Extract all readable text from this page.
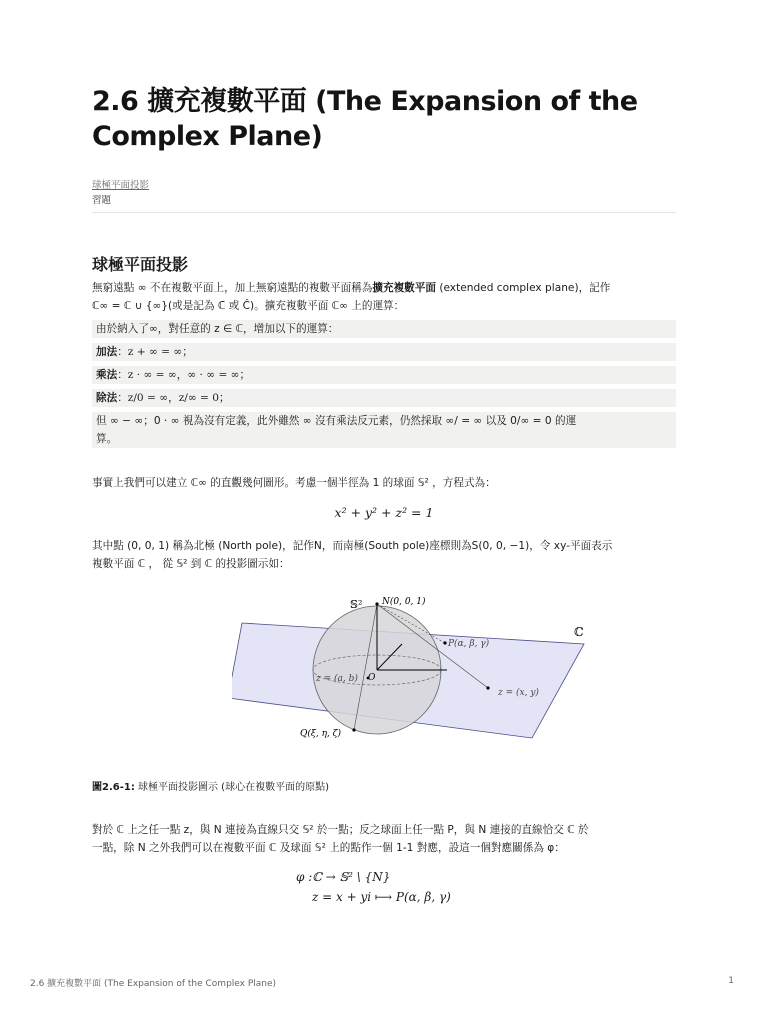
2.6 擴充複數平面 (The Expansion of the Complex Plane)
球極平面投影
習題
球極平面投影
無窮遠點 ∞ 不在複數平面上，加上無窮遠點的複數平面稱為擴充複數平面 (extended complex plane)，記作
ℂ∞ = ℂ ∪ {∞}(或是記為 ℂ̄ 或 Ĉ)。擴充複數平面 ℂ∞ 上的運算：
由於納入了∞，對任意的 z ∈ ℂ，增加以下的運算：
加法：z + ∞ = ∞；
乘法：z · ∞ = ∞，∞ · ∞ = ∞；
除法：z/0 = ∞，z/∞ = 0；
但 ∞ − ∞；0 · ∞ 視為沒有定義，此外雖然 ∞ 沒有乘法反元素，仍然採取 ∞/ = ∞ 以及 0/∞ = 0 的運
算。
事實上我們可以建立 ℂ∞ 的直觀幾何圖形。考慮一個半徑為 1 的球面 𝕊² ，方程式為：
x² + y² + z² = 1
其中點 (0, 0, 1) 稱為北極 (North pole)，記作N，而南極(South pole)座標則為S(0, 0, −1)，令 xy-平面表示
複數平面 ℂ ， 從 𝕊² 到 ℂ 的投影圖示如：
𝕊² N(0, 0, 1)
ℂ
P(α, β, γ)
O
z = (a, b)
z = (x, y)
Q(ξ, η, ζ)
圖2.6-1: 球極平面投影圖示 (球心在複數平面的原點)
對於 ℂ 上之任一點 z，與 N 連接為直線只交 𝕊² 於一點；反之球面上任一點 P，與 N 連接的直線恰交 ℂ 於
一點，除 N 之外我們可以在複數平面 ℂ 及球面 𝕊² 上的點作一個 1-1 對應，設這一個對應關係為 φ：
φ :ℂ → 𝕊² \ {N}
z = x + yi ⟼ P(α, β, γ)
2.6 擴充複數平面 (The Expansion of the Complex Plane)	1
